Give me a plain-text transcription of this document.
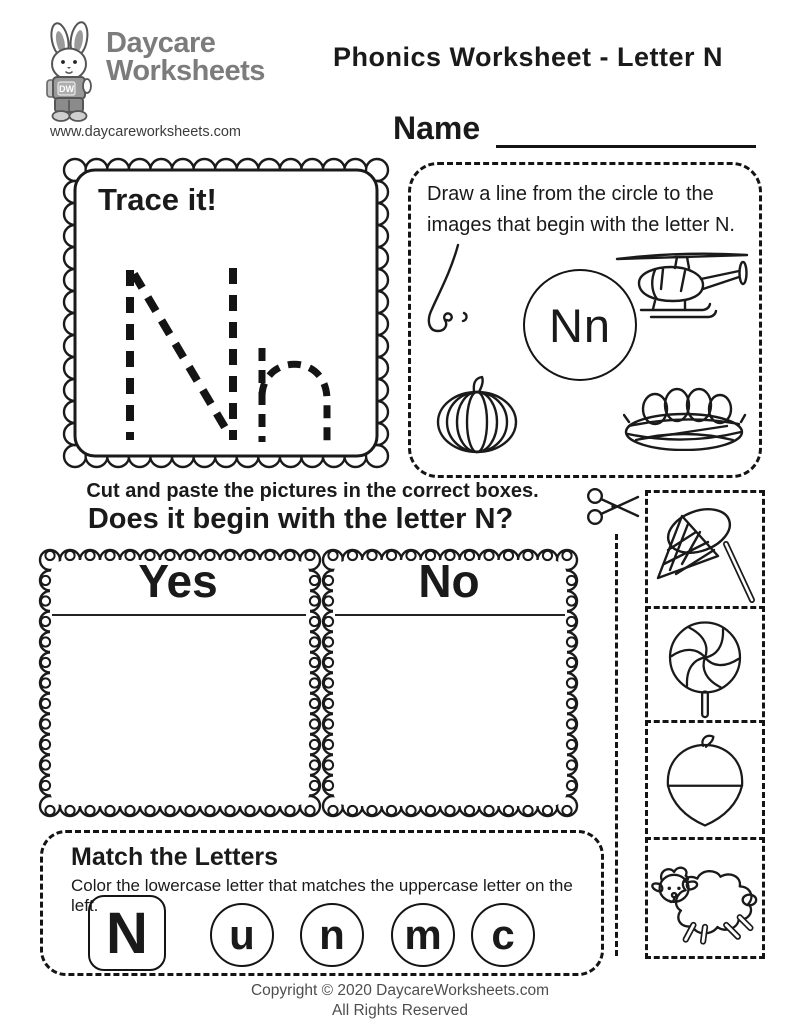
DW
Daycare
Worksheets
www.daycareworksheets.com
Phonics Worksheet - Letter N
Name
Trace it!	Draw a line from the circle to the images that begin with the letter N.
Nn
Cut and paste the pictures in the correct boxes.
Does it begin with the letter N?
Yes	No
Match the Letters
Color the lowercase letter that matches the uppercase letter on the left. N	u	n	m	c
Copyright © 2020 DaycareWorksheets.com
All Rights Reserved
